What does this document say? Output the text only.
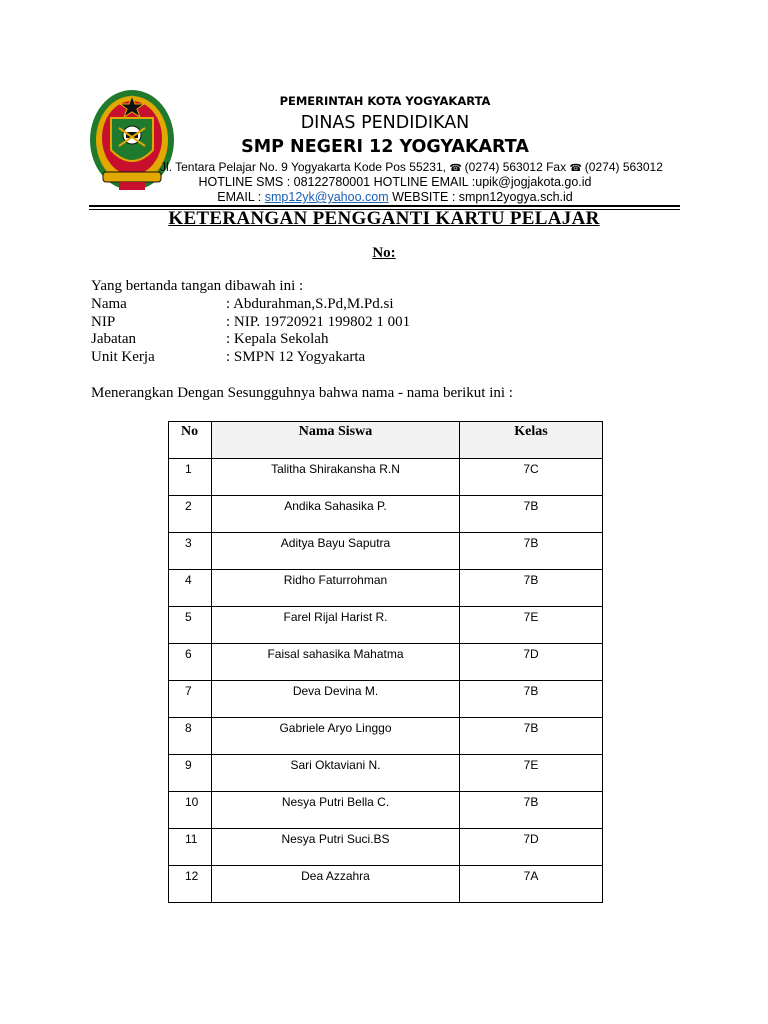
PEMERINTAH KOTA YOGYAKARTA
DINAS PENDIDIKAN
SMP NEGERI 12 YOGYAKARTA
Jl. Tentara Pelajar No. 9 Yogyakarta Kode Pos 55231, ☎ (0274) 563012 Fax ☎ (0274) 563012
HOTLINE SMS : 08122780001 HOTLINE EMAIL :upik@jogjakota.go.id
EMAIL : smp12yk@yahoo.com WEBSITE : smpn12yogya.sch.id
KETERANGAN PENGGANTI KARTU PELAJAR
No:
Yang bertanda tangan dibawah ini :
Nama	: Abdurahman,S.Pd,M.Pd.si
NIP	: NIP. 19720921 199802 1 001
Jabatan	: Kepala Sekolah
Unit Kerja	: SMPN 12 Yogyakarta
Menerangkan Dengan Sesungguhnya bahwa nama - nama berikut ini :
No	Nama Siswa	Kelas
1	Talitha Shirakansha R.N	7C
2	Andika Sahasika P.	7B
3	Aditya Bayu Saputra	7B
4	Ridho Faturrohman	7B
5	Farel Rijal Harist R.	7E
6	Faisal sahasika Mahatma	7D
7	Deva Devina M.	7B
8	Gabriele Aryo Linggo	7B
9	Sari Oktaviani N.	7E
10	Nesya Putri Bella C.	7B
11	Nesya Putri Suci.BS	7D
12	Dea Azzahra	7A
